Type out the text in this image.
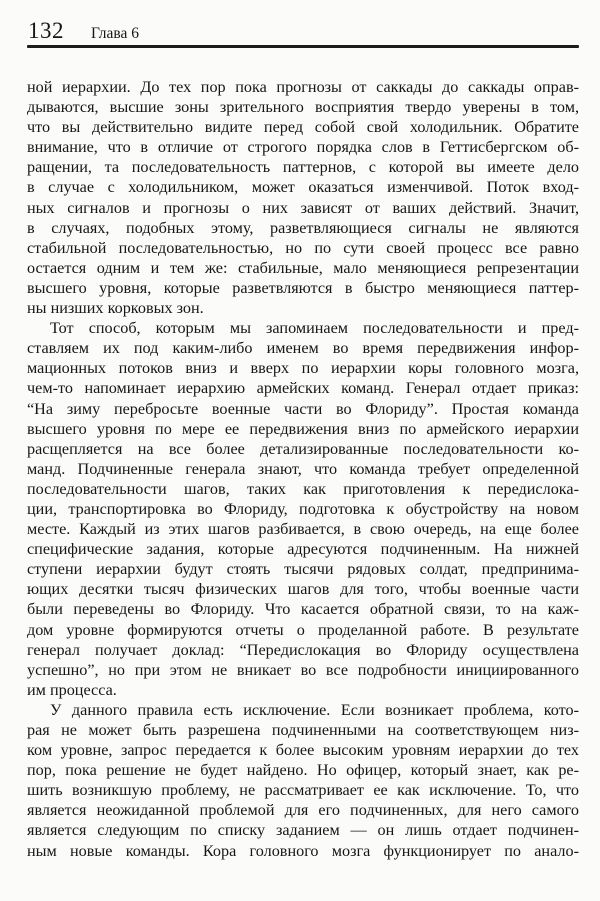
132 Глава 6
ной иерархии. До тех пор пока прогнозы от саккады до саккады оправ-
дываются, высшие зоны зрительного восприятия твердо уверены в том,
что вы действительно видите перед собой свой холодильник. Обратите
внимание, что в отличие от строгого порядка слов в Геттисбергском об-
ращении, та последовательность паттернов, с которой вы имеете дело
в случае с холодильником, может оказаться изменчивой. Поток вход-
ных сигналов и прогнозы о них зависят от ваших действий. Значит,
в случаях, подобных этому, разветвляющиеся сигналы не являются
стабильной последовательностью, но по сути своей процесс все равно
остается одним и тем же: стабильные, мало меняющиеся репрезентации
высшего уровня, которые разветвляются в быстро меняющиеся паттер-
ны низших корковых зон.
Тот способ, которым мы запоминаем последовательности и пред-
ставляем их под каким-либо именем во время передвижения инфор-
мационных потоков вниз и вверх по иерархии коры головного мозга,
чем-то напоминает иерархию армейских команд. Генерал отдает приказ:
“На зиму перебросьте военные части во Флориду”. Простая команда
высшего уровня по мере ее передвижения вниз по армейского иерархии
расщепляется на все более детализированные последовательности ко-
манд. Подчиненные генерала знают, что команда требует определенной
последовательности шагов, таких как приготовления к передислока-
ции, транспортировка во Флориду, подготовка к обустройству на новом
месте. Каждый из этих шагов разбивается, в свою очередь, на еще более
специфические задания, которые адресуются подчиненным. На нижней
ступени иерархии будут стоять тысячи рядовых солдат, предпринима-
ющих десятки тысяч физических шагов для того, чтобы военные части
были переведены во Флориду. Что касается обратной связи, то на каж-
дом уровне формируются отчеты о проделанной работе. В результате
генерал получает доклад: “Передислокация во Флориду осуществлена
успешно”, но при этом не вникает во все подробности инициированного
им процесса.
У данного правила есть исключение. Если возникает проблема, кото-
рая не может быть разрешена подчиненными на соответствующем низ-
ком уровне, запрос передается к более высоким уровням иерархии до тех
пор, пока решение не будет найдено. Но офицер, который знает, как ре-
шить возникшую проблему, не рассматривает ее как исключение. То, что
является неожиданной проблемой для его подчиненных, для него самого
является следующим по списку заданием — он лишь отдает подчинен-
ным новые команды. Кора головного мозга функционирует по анало-
